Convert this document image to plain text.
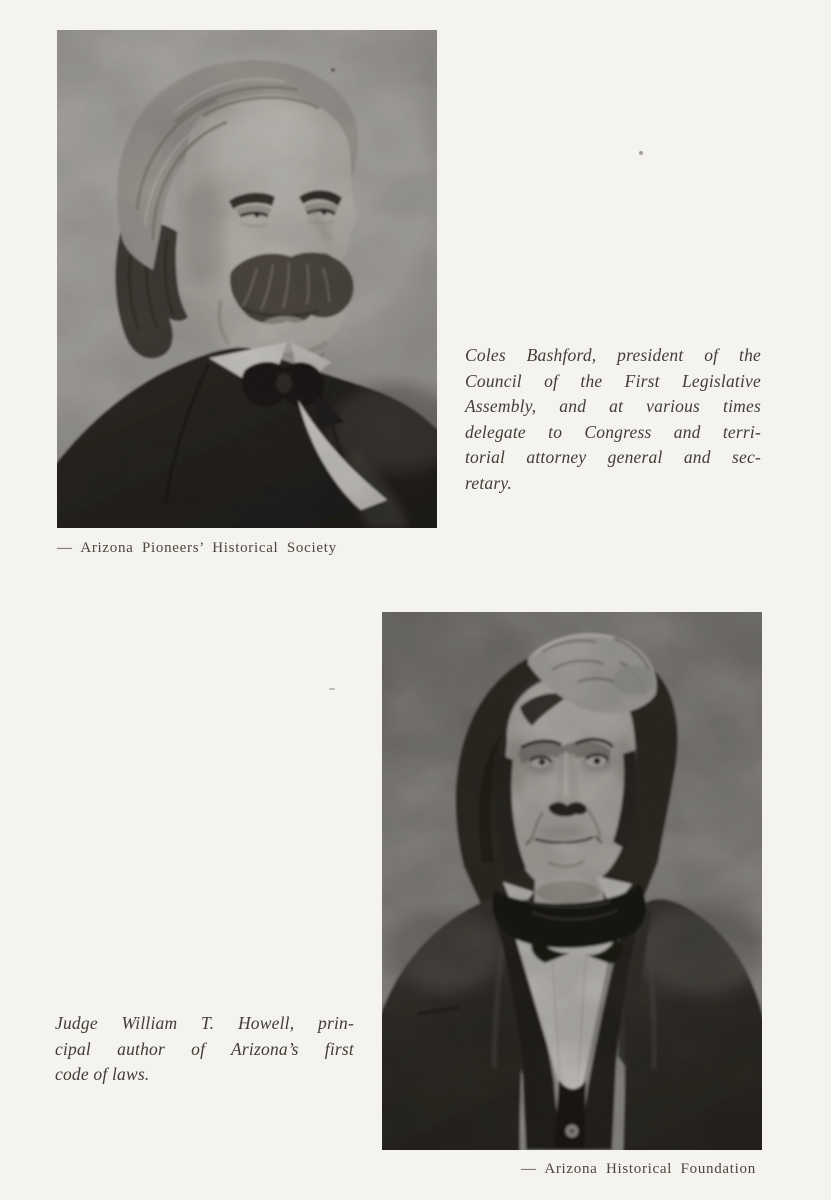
— Arizona Pioneers’ Historical Society
Coles Bashford, president of the
Council of the First Legislative
Assembly, and at various times
delegate to Congress and terri-
torial attorney general and sec-
retary.
Judge William T. Howell, prin-
cipal author of Arizona’s first
code of laws.
— Arizona Historical Foundation
